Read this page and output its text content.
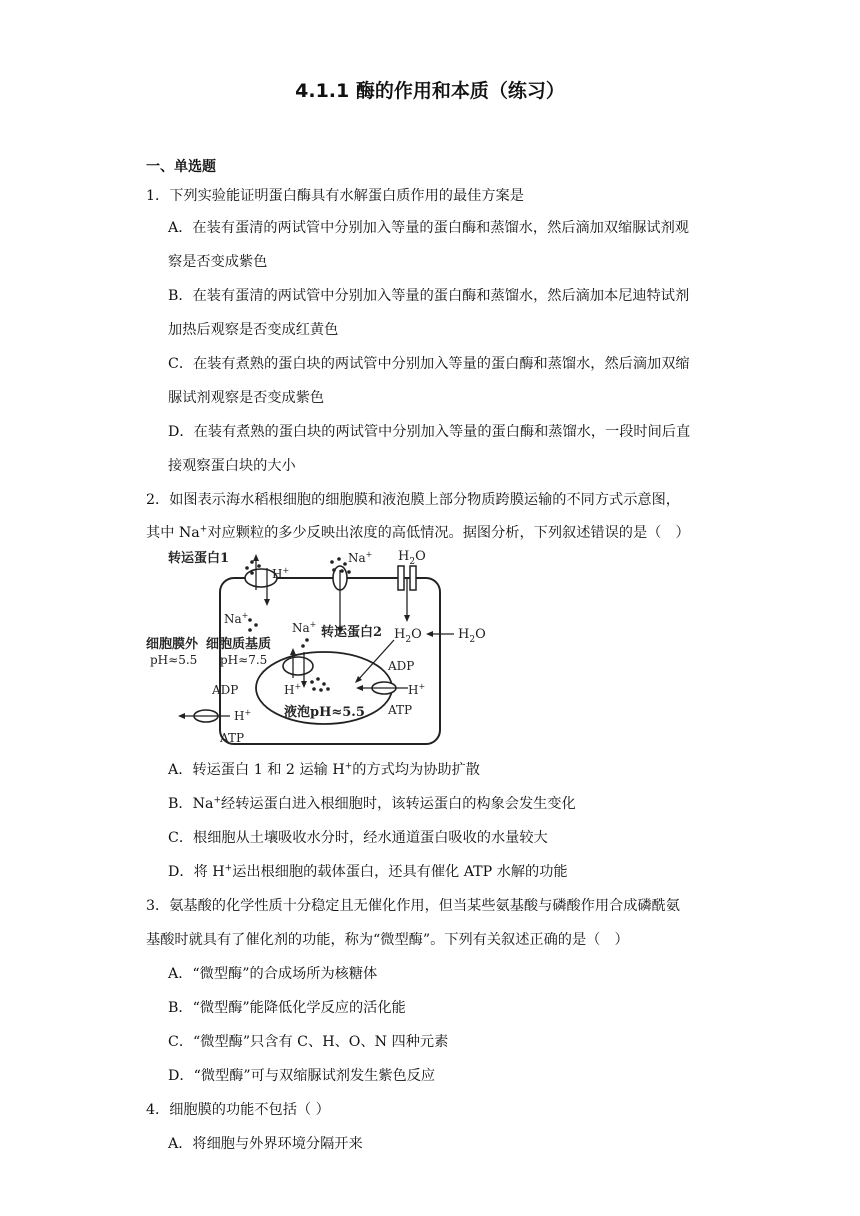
4.1.1 酶的作用和本质（练习）
一、单选题
1．下列实验能证明蛋白酶具有水解蛋白质作用的最佳方案是
A．在装有蛋清的两试管中分别加入等量的蛋白酶和蒸馏水，然后滴加双缩脲试剂观
察是否变成紫色
B．在装有蛋清的两试管中分别加入等量的蛋白酶和蒸馏水，然后滴加本尼迪特试剂
加热后观察是否变成红黄色
C．在装有煮熟的蛋白块的两试管中分别加入等量的蛋白酶和蒸馏水，然后滴加双缩
脲试剂观察是否变成紫色
D．在装有煮熟的蛋白块的两试管中分别加入等量的蛋白酶和蒸馏水，一段时间后直
接观察蛋白块的大小
2．如图表示海水稻根细胞的细胞膜和液泡膜上部分物质跨膜运输的不同方式示意图，
其中 Na+对应颗粒的多少反映出浓度的高低情况。据图分析，下列叙述错误的是（　）
转运蛋白1
H+
Na+
Na+ $H_2O$
$H_2O$	$H_2O$
细胞膜外
pH≈5.5
细胞质基质
pH≈7.5
Na+
转运蛋白2
H+
液泡pH≈5.5
ADP
ATP
H+
ADP
ATP
H+
A．转运蛋白 1 和 2 运输 H+的方式均为协助扩散
B．Na+经转运蛋白进入根细胞时，该转运蛋白的构象会发生变化
C．根细胞从土壤吸收水分时，经水通道蛋白吸收的水量较大
D．将 H+运出根细胞的载体蛋白，还具有催化 ATP 水解的功能
3．氨基酸的化学性质十分稳定且无催化作用，但当某些氨基酸与磷酸作用合成磷酰氨
基酸时就具有了催化剂的功能，称为“微型酶”。下列有关叙述正确的是（　）
A．“微型酶”的合成场所为核糖体
B．“微型酶”能降低化学反应的活化能
C．“微型酶”只含有 C、H、O、N 四种元素
D．“微型酶”可与双缩脲试剂发生紫色反应
4．细胞膜的功能不包括（ ）
A．将细胞与外界环境分隔开来
